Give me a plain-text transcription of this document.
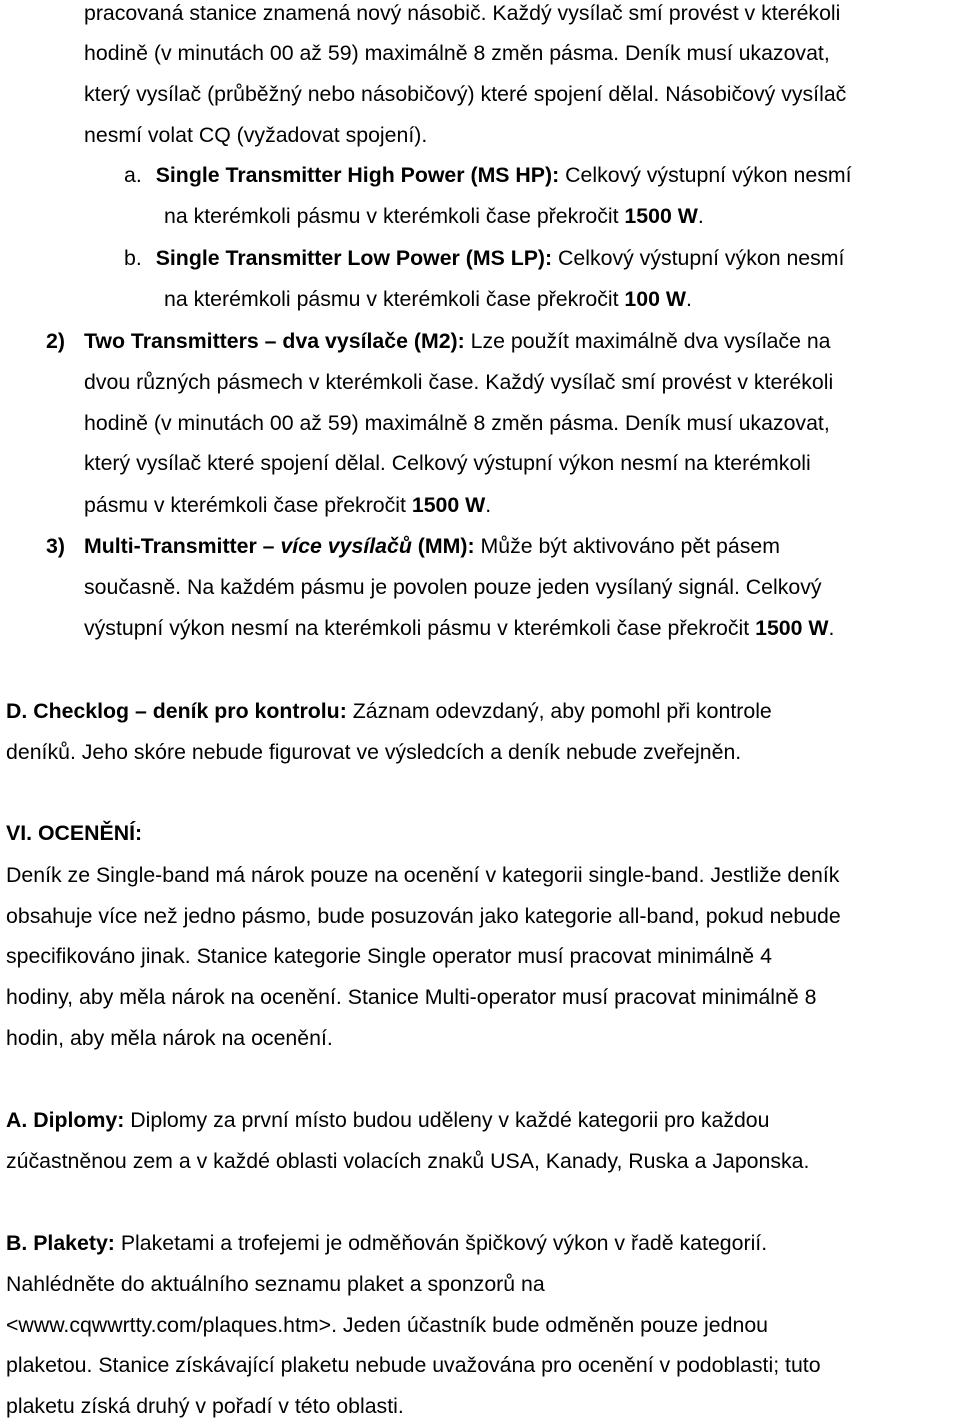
pracovaná stanice znamená nový násobič. Každý vysílač smí provést v kterékoli
hodině (v minutách 00 až 59) maximálně 8 změn pásma. Deník musí ukazovat,
který vysílač (průběžný nebo násobičový) které spojení dělal. Násobičový vysílač
nesmí volat CQ (vyžadovat spojení).
a. Single Transmitter High Power (MS HP): Celkový výstupní výkon nesmí
na kterémkoli pásmu v kterémkoli čase překročit 1500 W.
b. Single Transmitter Low Power (MS LP): Celkový výstupní výkon nesmí
na kterémkoli pásmu v kterémkoli čase překročit 100 W.
2) Two Transmitters – dva vysílače (M2): Lze použít maximálně dva vysílače na
dvou různých pásmech v kterémkoli čase. Každý vysílač smí provést v kterékoli
hodině (v minutách 00 až 59) maximálně 8 změn pásma. Deník musí ukazovat,
který vysílač které spojení dělal. Celkový výstupní výkon nesmí na kterémkoli
pásmu v kterémkoli čase překročit 1500 W.
3) Multi-Transmitter – více vysílačů (MM): Může být aktivováno pět pásem
současně. Na každém pásmu je povolen pouze jeden vysílaný signál. Celkový
výstupní výkon nesmí na kterémkoli pásmu v kterémkoli čase překročit 1500 W.
D. Checklog – deník pro kontrolu: Záznam odevzdaný, aby pomohl při kontrole
deníků. Jeho skóre nebude figurovat ve výsledcích a deník nebude zveřejněn.
VI. OCENĚNÍ:
Deník ze Single-band má nárok pouze na ocenění v kategorii single-band. Jestliže deník
obsahuje více než jedno pásmo, bude posuzován jako kategorie all-band, pokud nebude
specifikováno jinak. Stanice kategorie Single operator musí pracovat minimálně 4
hodiny, aby měla nárok na ocenění. Stanice Multi-operator musí pracovat minimálně 8
hodin, aby měla nárok na ocenění.
A. Diplomy: Diplomy za první místo budou uděleny v každé kategorii pro každou
zúčastněnou zem a v každé oblasti volacích znaků USA, Kanady, Ruska a Japonska.
B. Plakety: Plaketami a trofejemi je odměňován špičkový výkon v řadě kategorií.
Nahlédněte do aktuálního seznamu plaket a sponzorů na
<www.cqwwrtty.com/plaques.htm>. Jeden účastník bude odměněn pouze jednou
plaketou. Stanice získávající plaketu nebude uvažována pro ocenění v podoblasti; tuto
plaketu získá druhý v pořadí v této oblasti.
